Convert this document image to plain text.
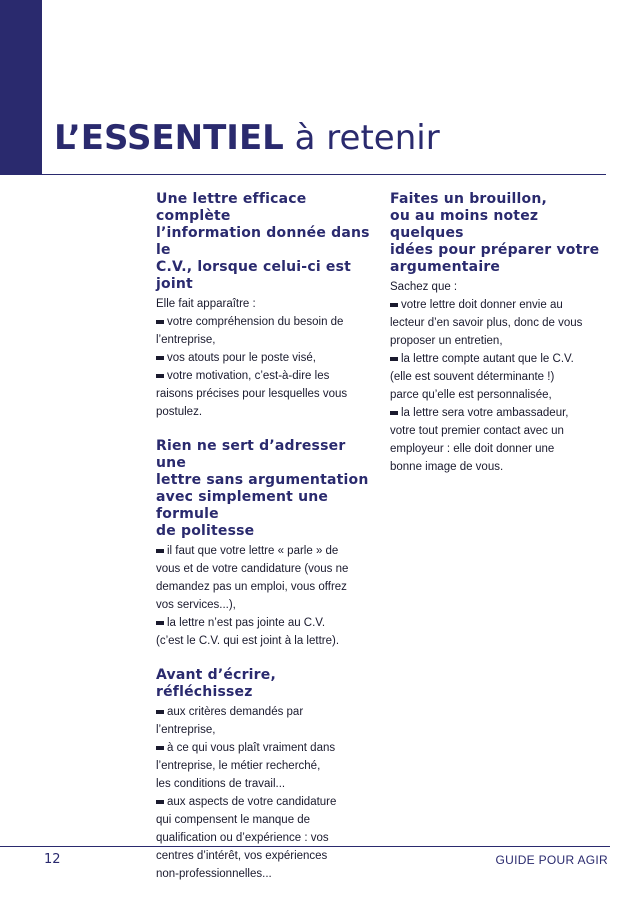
L’ESSENTIEL à retenir
Une lettre efficace complète
l’information donnée dans le
C.V., lorsque celui-ci est joint

Elle fait apparaître :
votre compréhension du besoin de
l’entreprise,
vos atouts pour le poste visé,
votre motivation, c’est-à-dire les
raisons précises pour lesquelles vous
postulez.

Rien ne sert d’adresser une
lettre sans argumentation
avec simplement une formule
de politesse

il faut que votre lettre « parle » de
vous et de votre candidature (vous ne
demandez pas un emploi, vous offrez
vos services...),
la lettre n’est pas jointe au C.V.
(c’est le C.V. qui est joint à la lettre).

Avant d’écrire, réfléchissez

aux critères demandés par
l’entreprise,
à ce qui vous plaît vraiment dans
l’entreprise, le métier recherché,
les conditions de travail...
aux aspects de votre candidature
qui compensent le manque de
qualification ou d’expérience : vos
centres d’intérêt, vos expériences
non-professionnelles...

Faites un brouillon,
ou au moins notez quelques
idées pour préparer votre
argumentaire

Sachez que :
votre lettre doit donner envie au
lecteur d’en savoir plus, donc de vous
proposer un entretien,
la lettre compte autant que le C.V.
(elle est souvent déterminante !)
parce qu’elle est personnalisée,
la lettre sera votre ambassadeur,
votre tout premier contact avec un
employeur : elle doit donner une
bonne image de vous.

12	GUIDE POUR AGIR
